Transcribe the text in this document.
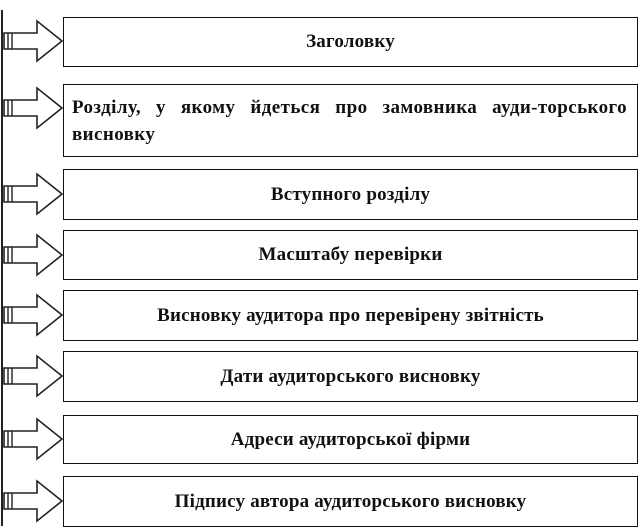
Заголовку
Розділу, у якому йдеться про замовника ауди-торського висновку
Вступного розділу
Масштабу перевірки
Висновку аудитора про перевірену звітність
Дати аудиторського висновку
Адреси аудиторської фірми
Підпису автора аудиторського висновку
